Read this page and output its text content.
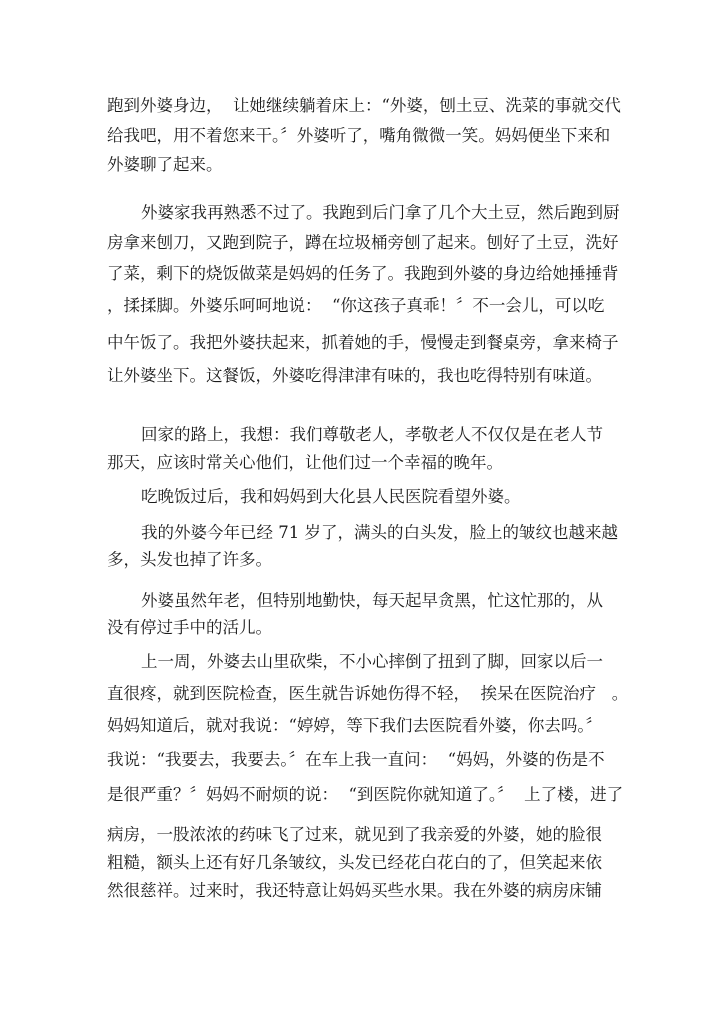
跑到外婆身边，  让她继续躺着床上：“外婆，刨土豆、洗菜的事就交代
给我吧，用不着您来干。〞外婆听了，嘴角微微一笑。妈妈便坐下来和
外婆聊了起来。
外婆家我再熟悉不过了。我跑到后门拿了几个大土豆，然后跑到厨
房拿来刨刀，又跑到院子，蹲在垃圾桶旁刨了起来。刨好了土豆，洗好
了菜，剩下的烧饭做菜是妈妈的任务了。我跑到外婆的身边给她捶捶背
，揉揉脚。外婆乐呵呵地说：  “你这孩子真乖！〞不一会儿，可以吃
中午饭了。我把外婆扶起来，抓着她的手，慢慢走到餐桌旁，拿来椅子
让外婆坐下。这餐饭，外婆吃得津津有味的，我也吃得特别有味道。
回家的路上，我想：我们尊敬老人，孝敬老人不仅仅是在老人节
那天，应该时常关心他们，让他们过一个幸福的晚年。
吃晚饭过后，我和妈妈到大化县人民医院看望外婆。
我的外婆今年已经 71 岁了，满头的白头发，脸上的皱纹也越来越
多，头发也掉了许多。
外婆虽然年老，但特别地勤快，每天起早贪黑，忙这忙那的，从
没有停过手中的活儿。
上一周，外婆去山里砍柴，不小心摔倒了扭到了脚，回家以后一
直很疼，就到医院检查，医生就告诉她伤得不轻，  挨呆在医院治疗   。
妈妈知道后，就对我说：“婷婷，等下我们去医院看外婆，你去吗。〞
我说：“我要去，我要去。〞在车上我一直问：  “妈妈，外婆的伤是不
是很严重？〞妈妈不耐烦的说：  “到医院你就知道了。〞  上了楼，进了
病房，一股浓浓的药味飞了过来，就见到了我亲爱的外婆，她的脸很
粗糙，额头上还有好几条皱纹，头发已经花白花白的了，但笑起来依
然很慈祥。过来时，我还特意让妈妈买些水果。我在外婆的病房床铺
